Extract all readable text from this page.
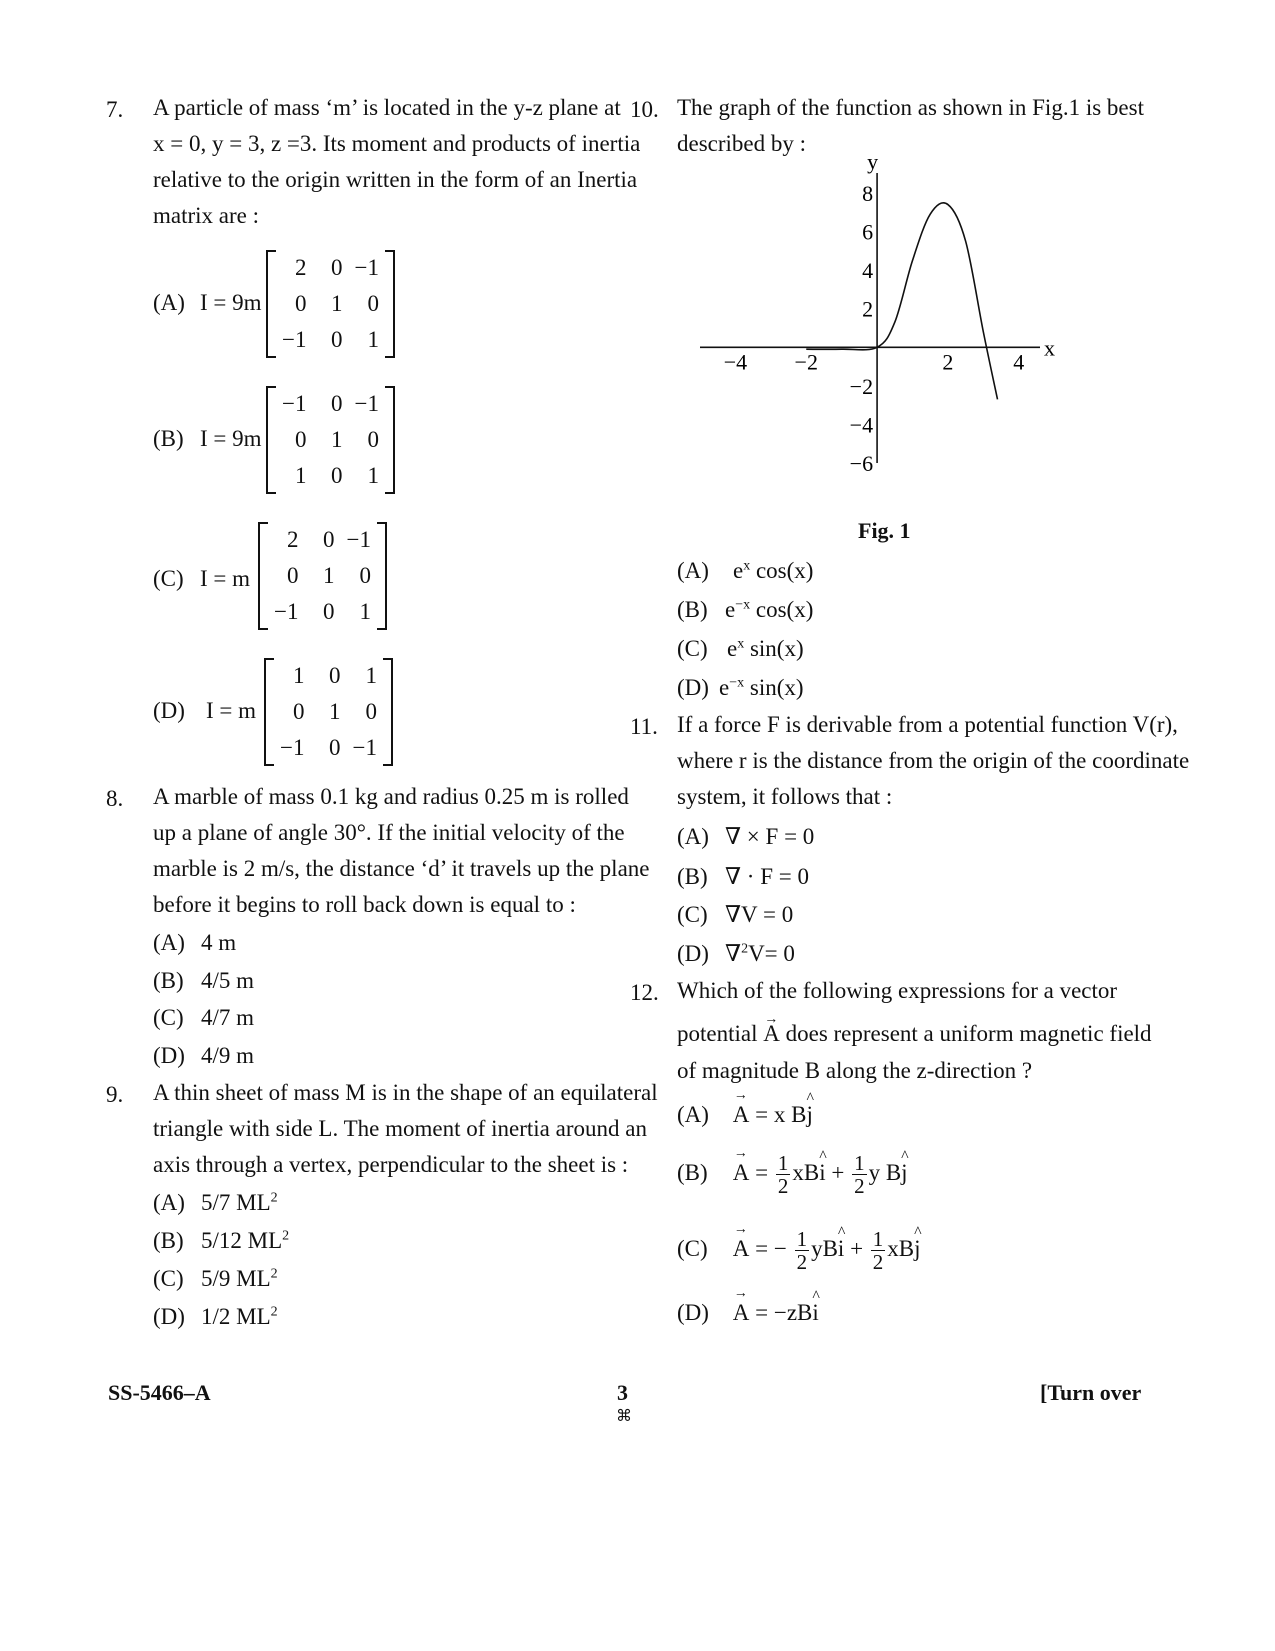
7. A particle of mass ‘m’ is located in the y-z plane at
x = 0, y = 3, z =3. Its moment and products of inertia
relative to the origin written in the form of an Inertia
matrix are :
(A) I = 9m
2	0	−1
0	1	0
−1	0	1
(B) I = 9m
−1	0	−1
0	1	0
1	0	1
(C) I = m
2	0	−1
0	1	0
−1	0	1
(D) I = m
1	0	1
0	1	0
−1	0	−1
8. A marble of mass 0.1 kg and radius 0.25 m is rolled
up a plane of angle 30°. If the initial velocity of the
marble is 2 m/s, the distance ‘d’ it travels up the plane
before it begins to roll back down is equal to :
(A) 4 m
(B) 4/5 m
(C) 4/7 m
(D) 4/9 m
9. A thin sheet of mass M is in the shape of an equilateral
triangle with side L. The moment of inertia around an
axis through a vertex, perpendicular to the sheet is :
(A) 5/7 $ML^2$
(B) 5/12 $ML^2$
(C) 5/9 $ML^2$
(D) 1/2 $ML^2$
10. The graph of the function as shown in Fig.1 is best
described by :
x
y
−4 −2	2	4
8
6
4
2
−2
−4
−6
Fig. 1
(A) $e^x$ cos(x)
(B) $e^{-x}$ cos(x)
(C) $e^x$ sin(x)
(D) $e^{-x}$ sin(x)
11. If a force F is derivable from a potential function V(r),
where r is the distance from the origin of the coordinate
system, it follows that :
(A) ∇ × F = 0
(B) ∇ · F = 0
(C) ∇V = 0
(D) ∇$^2$V= 0
12. Which of the following expressions for a vector
potential → A does represent a uniform magnetic field
of magnitude B along the z-direction ?
(A) → A = x B^ j
$(B) \to A = \frac{1}{2}$ xB^ $i + \frac{1}{2}$ y B^ j
(C) → A = − $\frac{1}{2}$ yB^ $i + \frac{1}{2}$ xB^ j
(D) → A = −zB^ i
SS-5466–A	3
⌘
[Turn over
